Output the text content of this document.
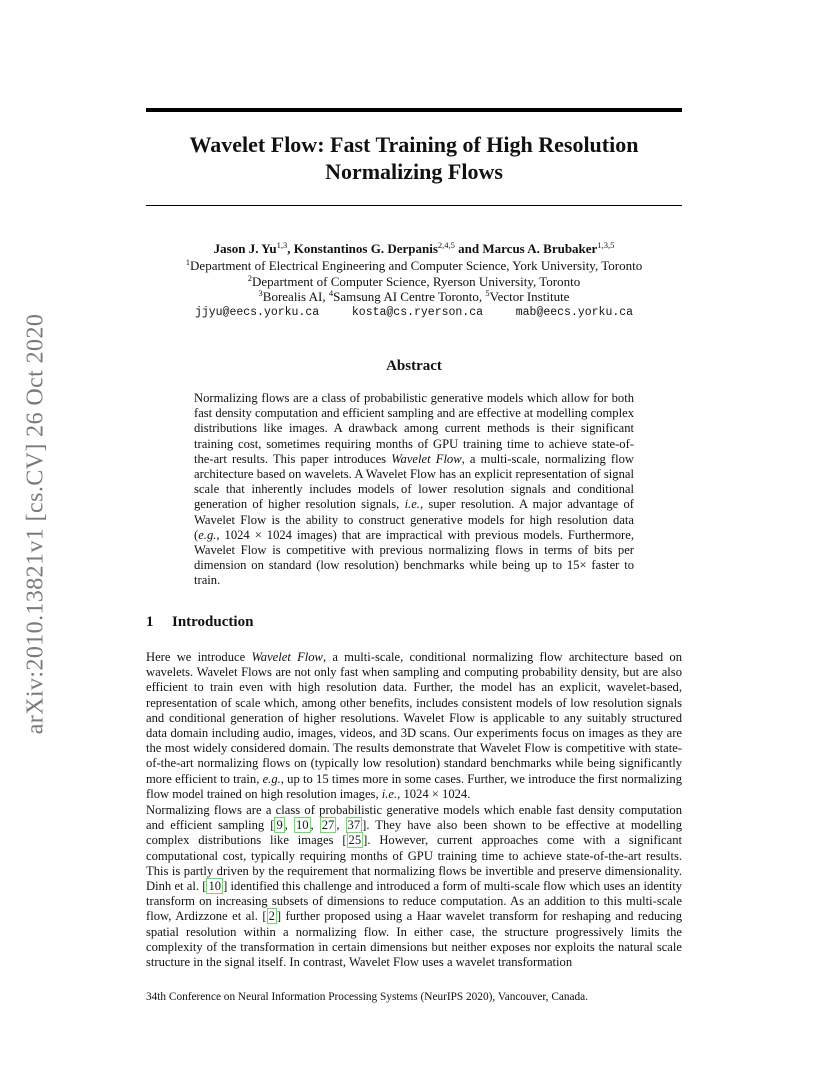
arXiv:2010.13821v1 [cs.CV] 26 Oct 2020
Wavelet Flow: Fast Training of High Resolution
Normalizing Flows
Jason J. Yu$^{1,3}$, Konstantinos G. Derpanis$^{2,4,5}$ and Marcus A. Brubaker$^{1,3,5}$
$^1$Department of Electrical Engineering and Computer Science, York University, Toronto
$^2$Department of Computer Science, Ryerson University, Toronto
$^3$Borealis AI, $^4$Samsung AI Centre Toronto, $^5$Vector Institute
jjyu@eecs.yorku.ca	kosta@cs.ryerson.ca	mab@eecs.yorku.ca
Abstract
Normalizing flows are a class of probabilistic generative models which allow for both fast density computation and efficient sampling and are effective at modelling complex distributions like images. A drawback among current methods is their significant training cost, sometimes requiring months of GPU training time to achieve state-of-the-art results. This paper introduces Wavelet Flow, a multi-scale, normalizing flow architecture based on wavelets. A Wavelet Flow has an explicit representation of signal scale that inherently includes models of lower resolution signals and conditional generation of higher resolution signals, i.e., super resolution. A major advantage of Wavelet Flow is the ability to construct generative models for high resolution data (e.g., 1024 × 1024 images) that are impractical with previous models. Furthermore, Wavelet Flow is competitive with previous normalizing flows in terms of bits per dimension on standard (low resolution) benchmarks while being up to 15× faster to train.
1 Introduction
Here we introduce Wavelet Flow, a multi-scale, conditional normalizing flow architecture based on wavelets. Wavelet Flows are not only fast when sampling and computing probability density, but are also efficient to train even with high resolution data. Further, the model has an explicit, wavelet-based, representation of scale which, among other benefits, includes consistent models of low resolution signals and conditional generation of higher resolutions. Wavelet Flow is applicable to any suitably structured data domain including audio, images, videos, and 3D scans. Our experiments focus on images as they are the most widely considered domain. The results demonstrate that Wavelet Flow is competitive with state-of-the-art normalizing flows on (typically low resolution) standard benchmarks while being significantly more efficient to train, e.g., up to 15 times more in some cases. Further, we introduce the first normalizing flow model trained on high resolution images, i.e., 1024 × 1024.
Normalizing flows are a class of probabilistic generative models which enable fast density computation and efficient sampling [ 9 , 10 , 27 , 37 ]. They have also been shown to be effective at modelling complex distributions like images [ 25 ]. However, current approaches come with a significant computational cost, typically requiring months of GPU training time to achieve state-of-the-art results. This is partly driven by the requirement that normalizing flows be invertible and preserve dimensionality. Dinh et al. [ 10 ] identified this challenge and introduced a form of multi-scale flow which uses an identity transform on increasing subsets of dimensions to reduce computation. As an addition to this multi-scale flow, Ardizzone et al. [ 2 ] further proposed using a Haar wavelet transform for reshaping and reducing spatial resolution within a normalizing flow. In either case, the structure progressively limits the complexity of the transformation in certain dimensions but neither exposes nor exploits the natural scale structure in the signal itself. In contrast, Wavelet Flow uses a wavelet transformation
34th Conference on Neural Information Processing Systems (NeurIPS 2020), Vancouver, Canada.
